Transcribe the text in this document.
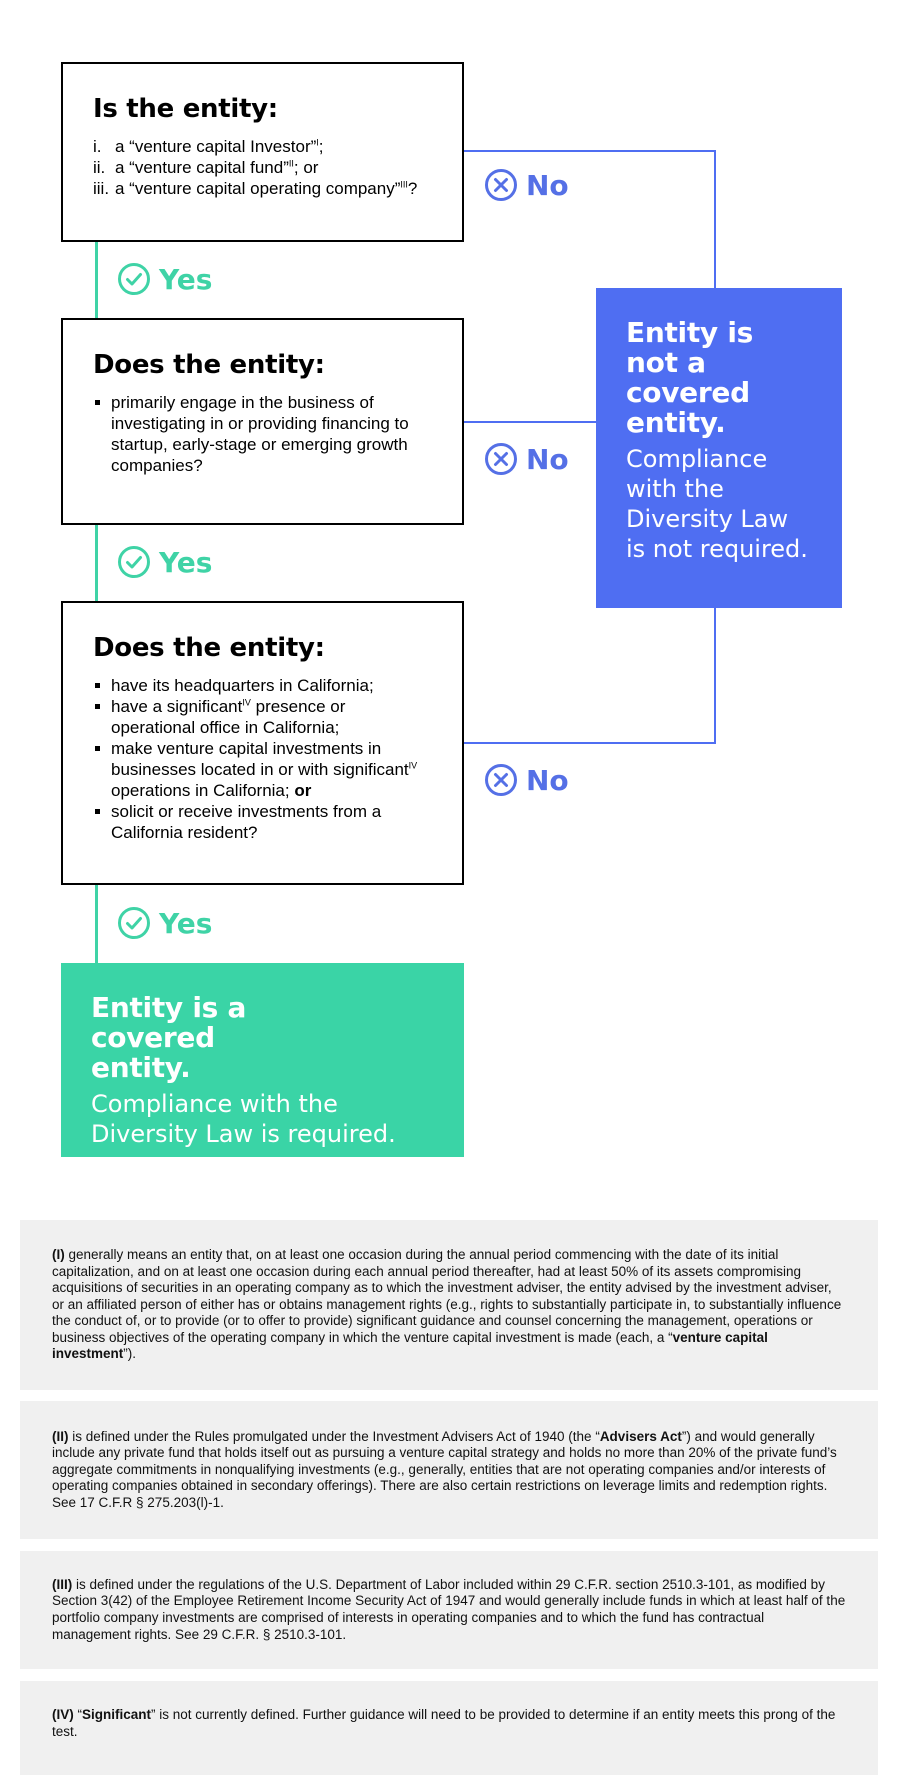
Is the entity:
i. a “venture capital Investor”$^I$;
ii. a “venture capital fund”$^{II}$; or
iii. a “venture capital operating company”$^{III}$?	No
Yes
Does the entity:
primarily engage in the business of investigating in or providing financing to startup, early-stage or emerging growth companies?	No
Yes
Does the entity:
have its headquarters in California;
have a significant$^{IV}$ presence or operational office in California;
make venture capital investments in businesses located in or with significant$^{IV}$ operations in California; or
solicit or receive investments from a California resident?
No
Yes
Entity is not a covered entity.
Compliance with the Diversity Law is not required.
Entity is a covered entity.
Compliance with the Diversity Law is required.
(I) generally means an entity that, on at least one occasion during the annual period commencing with the date of its initial capitalization, and on at least one occasion during each annual period thereafter, had at least 50% of its assets compromising acquisitions of securities in an operating company as to which the investment adviser, the entity advised by the investment adviser, or an affiliated person of either has or obtains management rights (e.g., rights to substantially participate in, to substantially influence the conduct of, or to provide (or to offer to provide) significant guidance and counsel concerning the management, operations or business objectives of the operating company in which the venture capital investment is made (each, a “venture capital investment”).
(II) is defined under the Rules promulgated under the Investment Advisers Act of 1940 (the “Advisers Act”) and would generally include any private fund that holds itself out as pursuing a venture capital strategy and holds no more than 20% of the private fund’s aggregate commitments in nonqualifying investments (e.g., generally, entities that are not operating companies and/or interests of operating companies obtained in secondary offerings). There are also certain restrictions on leverage limits and redemption rights. See 17 C.F.R § 275.203(l)-1.
(III) is defined under the regulations of the U.S. Department of Labor included within 29 C.F.R. section 2510.3-101, as modified by Section 3(42) of the Employee Retirement Income Security Act of 1947 and would generally include funds in which at least half of the portfolio company investments are comprised of interests in operating companies and to which the fund has contractual management rights. See 29 C.F.R. § 2510.3-101.
(IV) “Significant” is not currently defined. Further guidance will need to be provided to determine if an entity meets this prong of the test.
